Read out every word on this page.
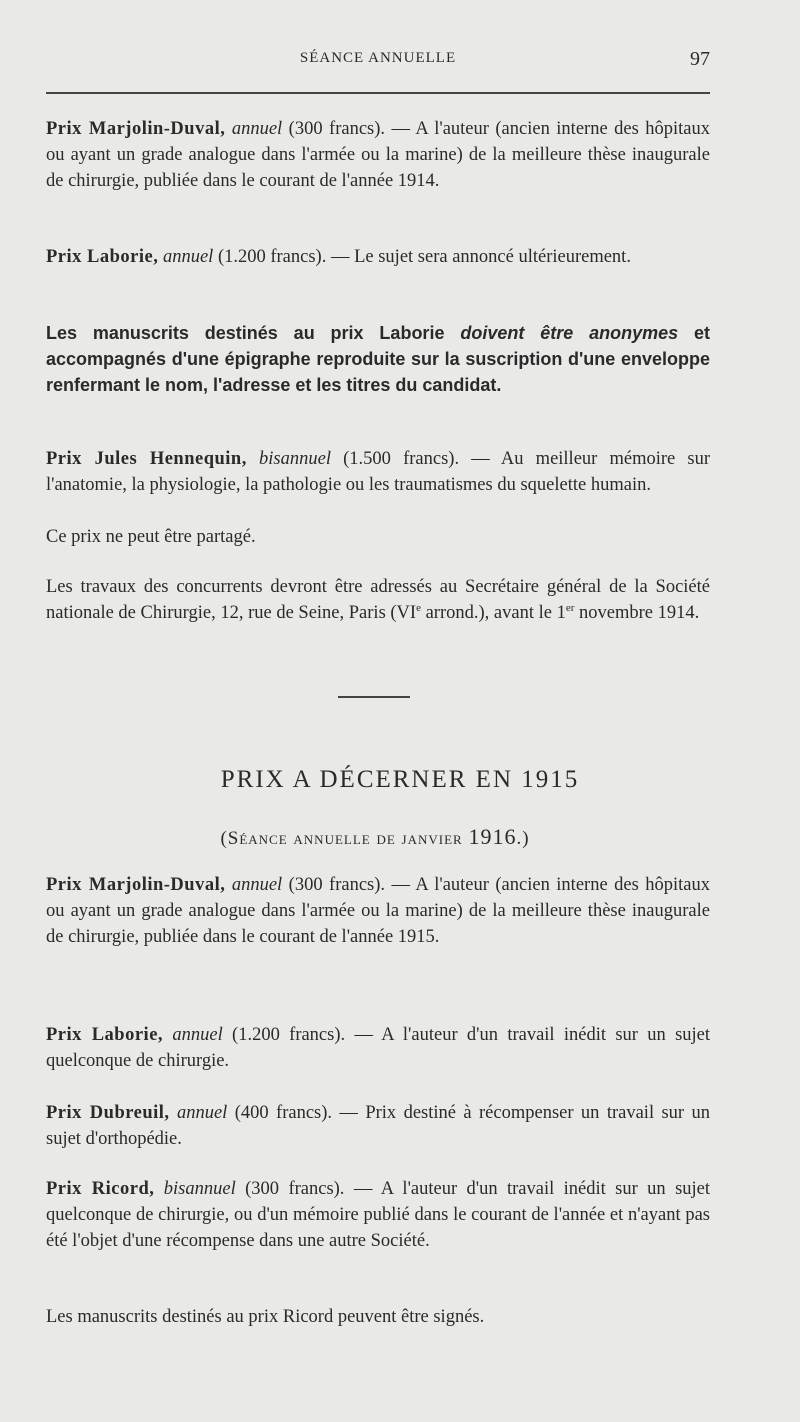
SÉANCE ANNUELLE	97

Prix Marjolin-Duval, annuel (300 francs). — A l'auteur (ancien interne des hôpitaux ou ayant un grade analogue dans l'armée ou la marine) de la meilleure thèse inaugurale de chirurgie, publiée dans le courant de l'année 1914.

Prix Laborie, annuel (1.200 francs). — Le sujet sera annoncé ultérieurement.

Les manuscrits destinés au prix Laborie doivent être anonymes et accompagnés d'une épigraphe reproduite sur la suscription d'une enveloppe renfermant le nom, l'adresse et les titres du candidat.

Prix Jules Hennequin, bisannuel (1.500 francs). — Au meilleur mémoire sur l'anatomie, la physiologie, la pathologie ou les traumatismes du squelette humain.

Ce prix ne peut être partagé.

Les travaux des concurrents devront être adressés au Secrétaire général de la Société nationale de Chirurgie, 12, rue de Seine, Paris (VIe arrond.), avant le 1er novembre 1914.

PRIX A DÉCERNER EN 1915

(Séance annuelle de janvier 1916.)

Prix Marjolin-Duval, annuel (300 francs). — A l'auteur (ancien interne des hôpitaux ou ayant un grade analogue dans l'armée ou la marine) de la meilleure thèse inaugurale de chirurgie, publiée dans le courant de l'année 1915.

Prix Laborie, annuel (1.200 francs). — A l'auteur d'un travail inédit sur un sujet quelconque de chirurgie.

Prix Dubreuil, annuel (400 francs). — Prix destiné à récompenser un travail sur un sujet d'orthopédie.

Prix Ricord, bisannuel (300 francs). — A l'auteur d'un travail inédit sur un sujet quelconque de chirurgie, ou d'un mémoire publié dans le courant de l'année et n'ayant pas été l'objet d'une récompense dans une autre Société.

Les manuscrits destinés au prix Ricord peuvent être signés.
